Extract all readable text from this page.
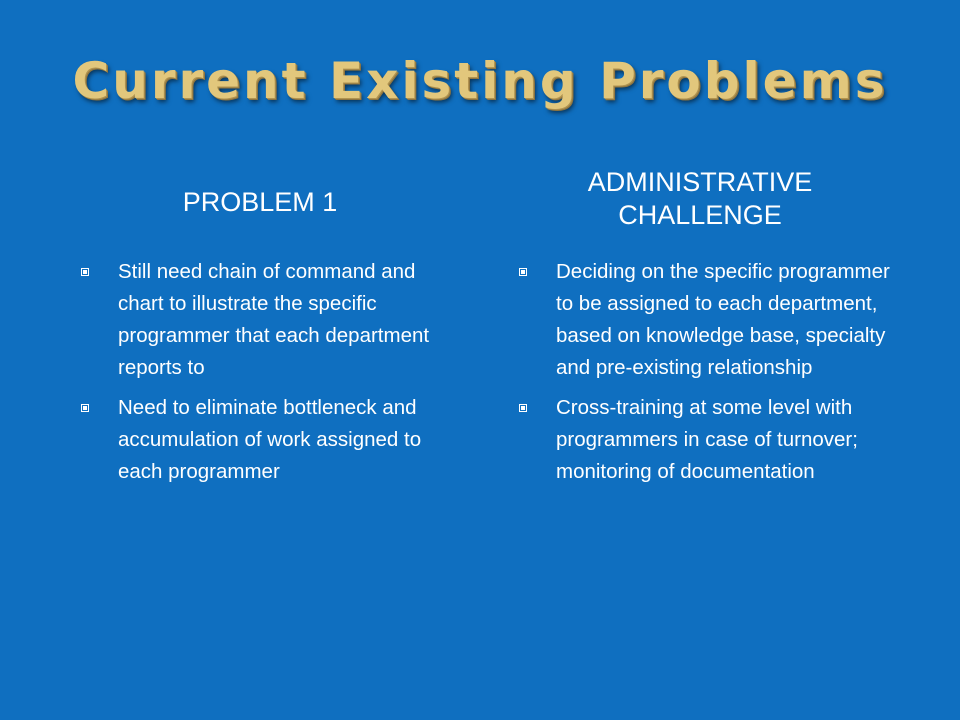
Current Existing Problems
PROBLEM 1
ADMINISTRATIVE CHALLENGE
Still need chain of command and chart to illustrate the specific programmer that each department reports to
Need to eliminate bottleneck and accumulation of work assigned to each programmer
Deciding on the specific programmer to be assigned to each department, based on knowledge base, specialty and pre-existing relationship
Cross-training at some level with programmers in case of turnover; monitoring of documentation
